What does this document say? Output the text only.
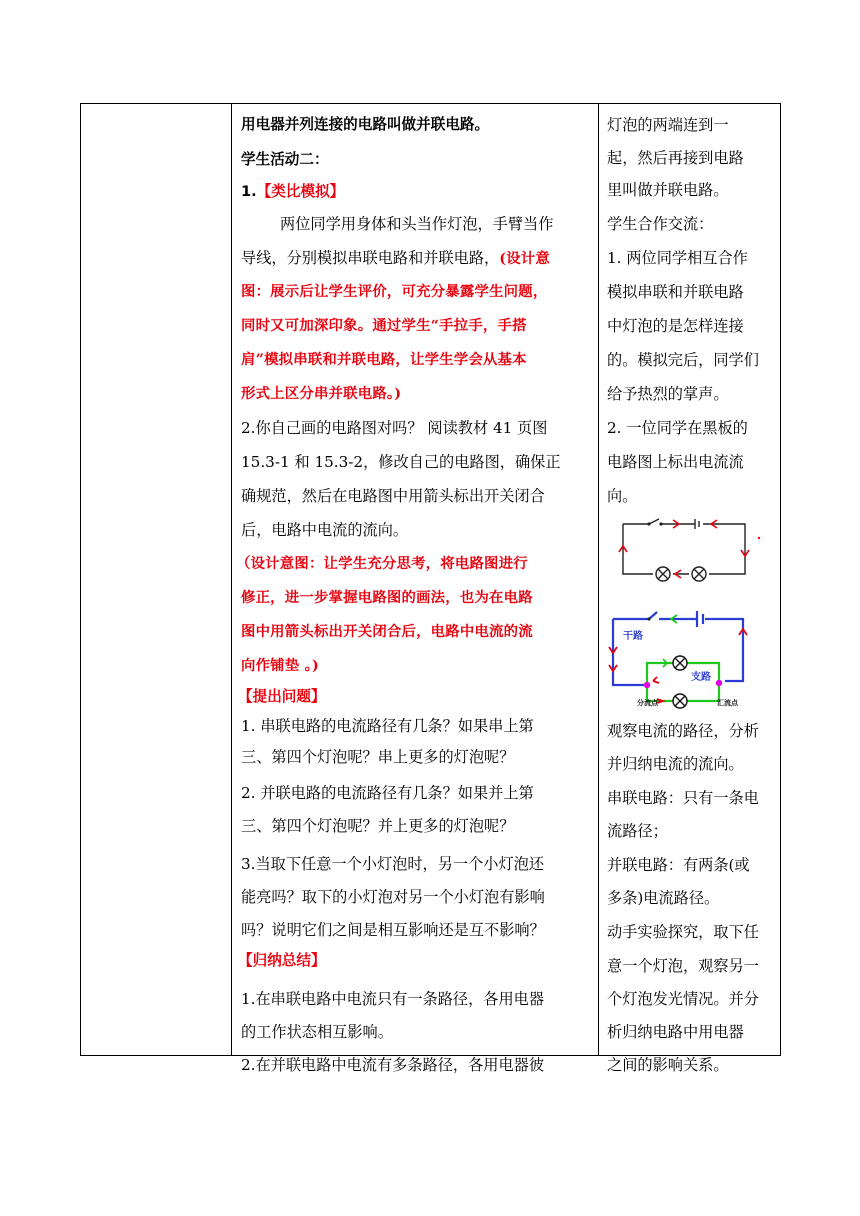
用电器并列连接的电路叫做并联电路。
学生活动二：
1.【类比模拟】
两位同学用身体和头当作灯泡，手臂当作
导线，分别模拟串联电路和并联电路，(设计意
图：展示后让学生评价，可充分暴露学生问题，
同时又可加深印象。通过学生“手拉手，手搭
肩”模拟串联和并联电路，让学生学会从基本
形式上区分串并联电路。)
2.你自己画的电路图对吗？ 阅读教材 41 页图
15.3-1 和 15.3-2，修改自己的电路图，确保正
确规范，然后在电路图中用箭头标出开关闭合
后，电路中电流的流向。
（设计意图：让学生充分思考，将电路图进行
修正，进一步掌握电路图的画法，也为在电路
图中用箭头标出开关闭合后，电路中电流的流
向作铺垫 。)
【提出问题】
1. 串联电路的电流路径有几条？如果串上第
三、第四个灯泡呢？串上更多的灯泡呢？
2. 并联电路的电流路径有几条？如果并上第
三、第四个灯泡呢？并上更多的灯泡呢？
3.当取下任意一个小灯泡时，另一个小灯泡还
能亮吗？取下的小灯泡对另一个小灯泡有影响
吗？说明它们之间是相互影响还是互不影响？
【归纳总结】
1.在串联电路中电流只有一条路径，各用电器
的工作状态相互影响。
2.在并联电路中电流有多条路径，各用电器彼

灯泡的两端连到一
起，然后再接到电路
里叫做并联电路。
学生合作交流：
1. 两位同学相互合作
模拟串联和并联电路
中灯泡的是怎样连接
的。模拟完后，同学们
给予热烈的掌声。
2. 一位同学在黑板的
电路图上标出电流流
向。
干路
支路
分流点	汇流点
观察电流的路径，分析
并归纳电流的流向。
串联电路：只有一条电
流路径；
并联电路：有两条(或
多条)电流路径。
动手实验探究，取下任
意一个灯泡，观察另一
个灯泡发光情况。并分
析归纳电路中用电器
之间的影响关系。
